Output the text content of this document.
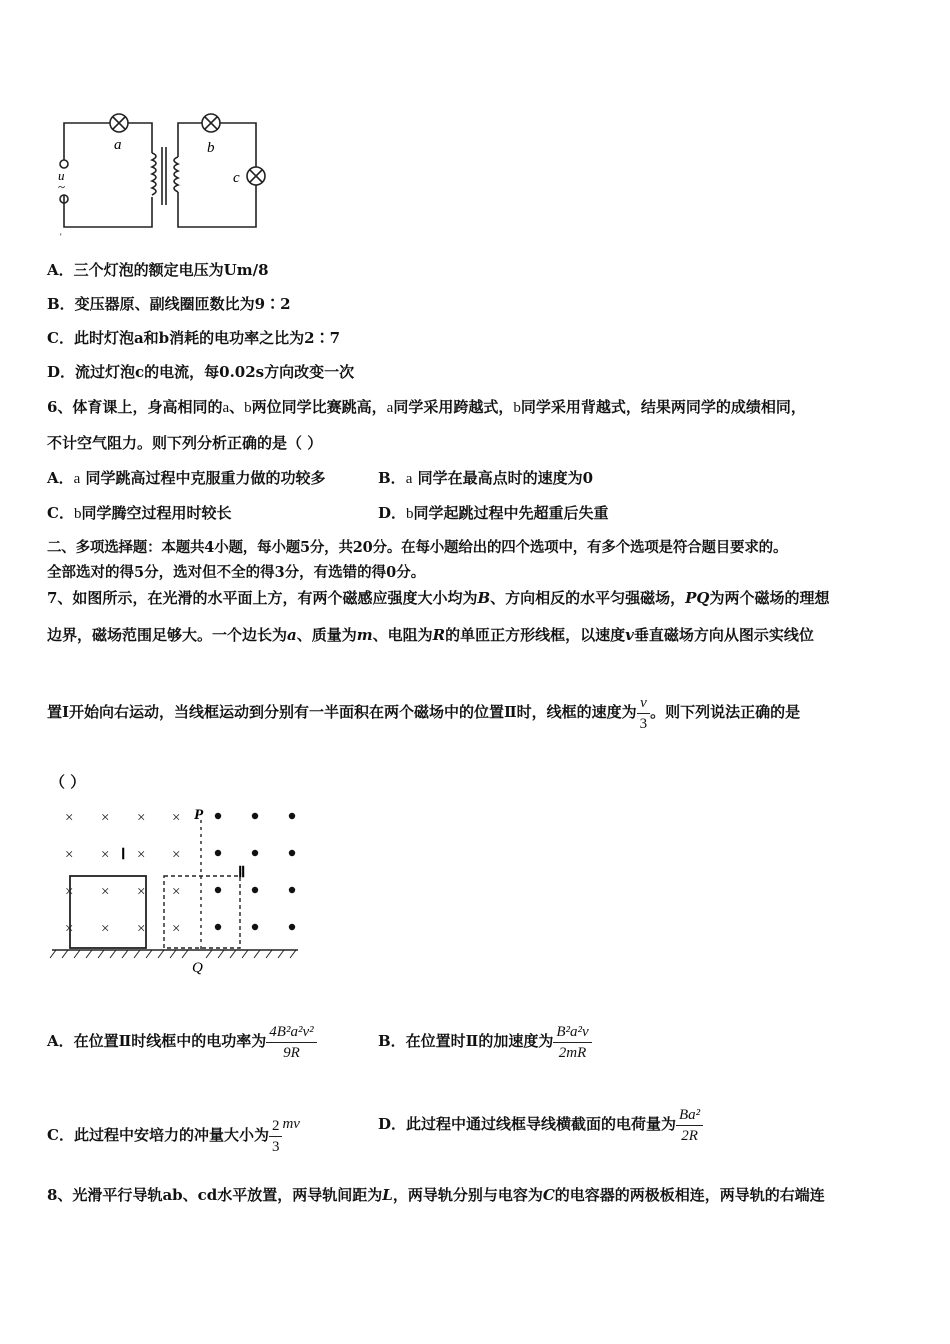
u
~
a	b
c
'
A．三个灯泡的额定电压为Um/8
B．变压器原、副线圈匝数比为9∶2
C．此时灯泡a和b消耗的电功率之比为2∶7
D．流过灯泡c的电流，每0.02s方向改变一次
6、体育课上，身高相同的a、b两位同学比赛跳高，a同学采用跨越式，b同学采用背越式，结果两同学的成绩相同，
不计空气阻力。则下列分析正确的是（ ）
A．a 同学跳高过程中克服重力做的功较多	B．a 同学在最高点时的速度为0
C．b同学腾空过程用时较长	D．b同学起跳过程中先超重后失重
二、多项选择题：本题共4小题，每小题5分，共20分。在每小题给出的四个选项中，有多个选项是符合题目要求的。
全部选对的得5分，选对但不全的得3分，有选错的得0分。
7、如图所示，在光滑的水平面上方，有两个磁感应强度大小均为B、方向相反的水平匀强磁场，PQ为两个磁场的理想
边界，磁场范围足够大。一个边长为a、质量为m、电阻为R的单匝正方形线框，以速度v垂直磁场方向从图示实线位
置Ⅰ开始向右运动，当线框运动到分别有一半面积在两个磁场中的位置Ⅱ时，线框的速度为 $\frac{v}{3}$ 。则下列说法正确的是
（ ）
× × × ×
× × × ×
× × × ×
× × × ×
P
Q
Ⅰ
Ⅱ
A．在位置Ⅱ时线框中的电功率为 $\frac{\text{4B²a²v²}}{9R}$	B．在位置时Ⅱ的加速度为 $\frac{\text{B²a²v}}{2mR}$
C．此过程中安培力的冲量大小为 $\frac{2}{3}$ mv	D．此过程中通过线框导线横截面的电荷量为 $\frac{\text{Ba²}}{2R}$
8、光滑平行导轨ab、cd水平放置，两导轨间距为L，两导轨分别与电容为C的电容器的两极板相连，两导轨的右端连
